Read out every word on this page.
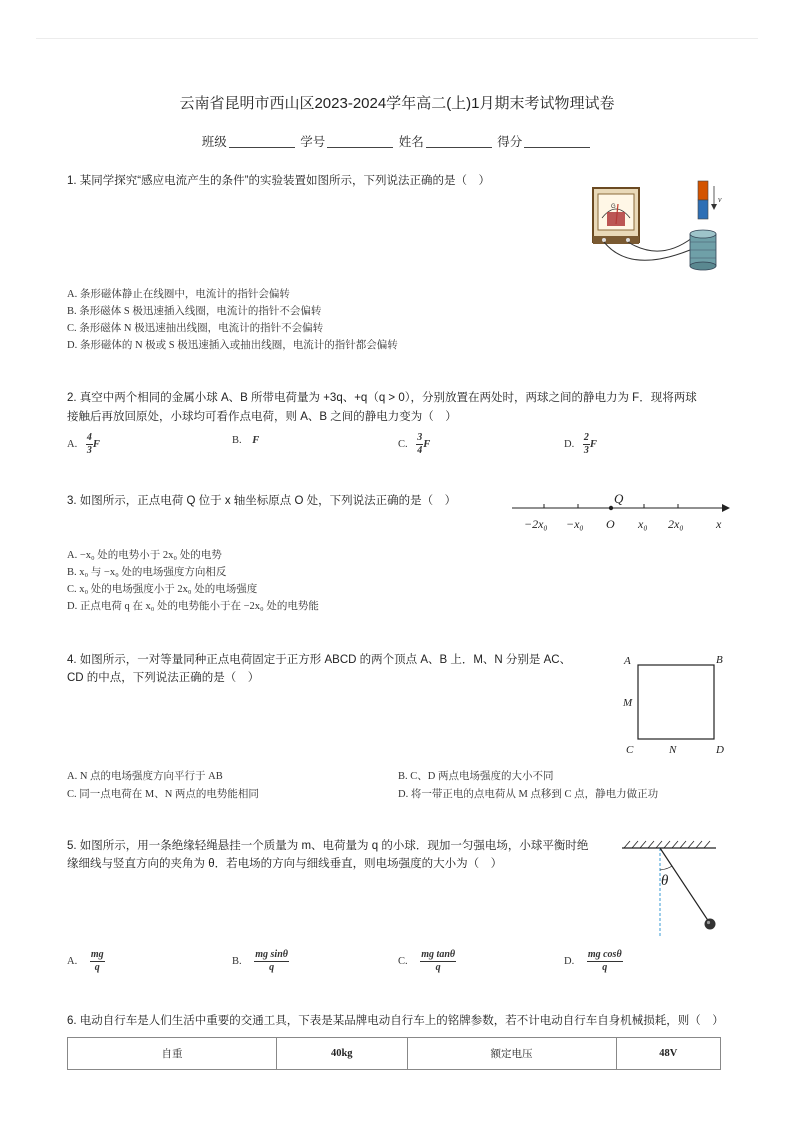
云南省昆明市西山区2023-2024学年高二(上)1月期末考试物理试卷
班级	学号	姓名	得分
1. 某同学探究“感应电流产生的条件”的实验装置如图所示，下列说法正确的是（　）
G
v
A. 条形磁体静止在线圈中，电流计的指针会偏转
B. 条形磁体 S 极迅速插入线圈，电流计的指针不会偏转
C. 条形磁体 N 极迅速抽出线圈，电流计的指针不会偏转
D. 条形磁体的 N 极或 S 极迅速插入或抽出线圈，电流计的指针都会偏转
2. 真空中两个相同的金属小球 A、B 所带电荷量为 +3q、+q（q > 0），分别放置在两处时，两球之间的静电力为 F．现将两球
接触后再放回原处，小球均可看作点电荷，则 A、B 之间的静电力变为（　）
A. $\frac{4}{3}$ F	B. F	C. $\frac{3}{4}$ F	D. $\frac{2}{3}$ F
3. 如图所示，正点电荷 Q 位于 x 轴坐标原点 O 处，下列说法正确的是（　）	Q
−2x₀ −x₀ O x₀ 2x₀	x
A. −x₀ 处的电势小于 2x₀ 处的电势
B. x₀ 与 −x₀ 处的电场强度方向相反
C. x₀ 处的电场强度小于 2x₀ 处的电场强度
D. 正点电荷 q 在 x₀ 处的电势能小于在 −2x₀ 处的电势能
4. 如图所示，一对等量同种正点电荷固定于正方形 ABCD 的两个顶点 A、B 上．M、N 分别是 AC、
CD 的中点，下列说法正确的是（　）
A	B
C	D
M
N
A. N 点的电场强度方向平行于 AB	B. C、D 两点电场强度的大小不同
C. 同一点电荷在 M、N 两点的电势能相同	D. 将一带正电的点电荷从 M 点移到 C 点，静电力做正功
5. 如图所示，用一条绝缘轻绳悬挂一个质量为 m、电荷量为 q 的小球．现加一匀强电场，小球平衡时绝
缘细线与竖直方向的夹角为 θ．若电场的方向与细线垂直，则电场强度的大小为（　）
θ
A. $\frac{mg}{q}$	B. $\frac{\text{mg sinθ}}{q}$	C. $\frac{\text{mg tanθ}}{q}$	D. $\frac{\text{mg cosθ}}{q}$
6. 电动自行车是人们生活中重要的交通工具，下表是某品牌电动自行车上的铭牌参数，若不计电动自行车自身机械损耗，则（　）
自重	40kg	额定电压	48V
